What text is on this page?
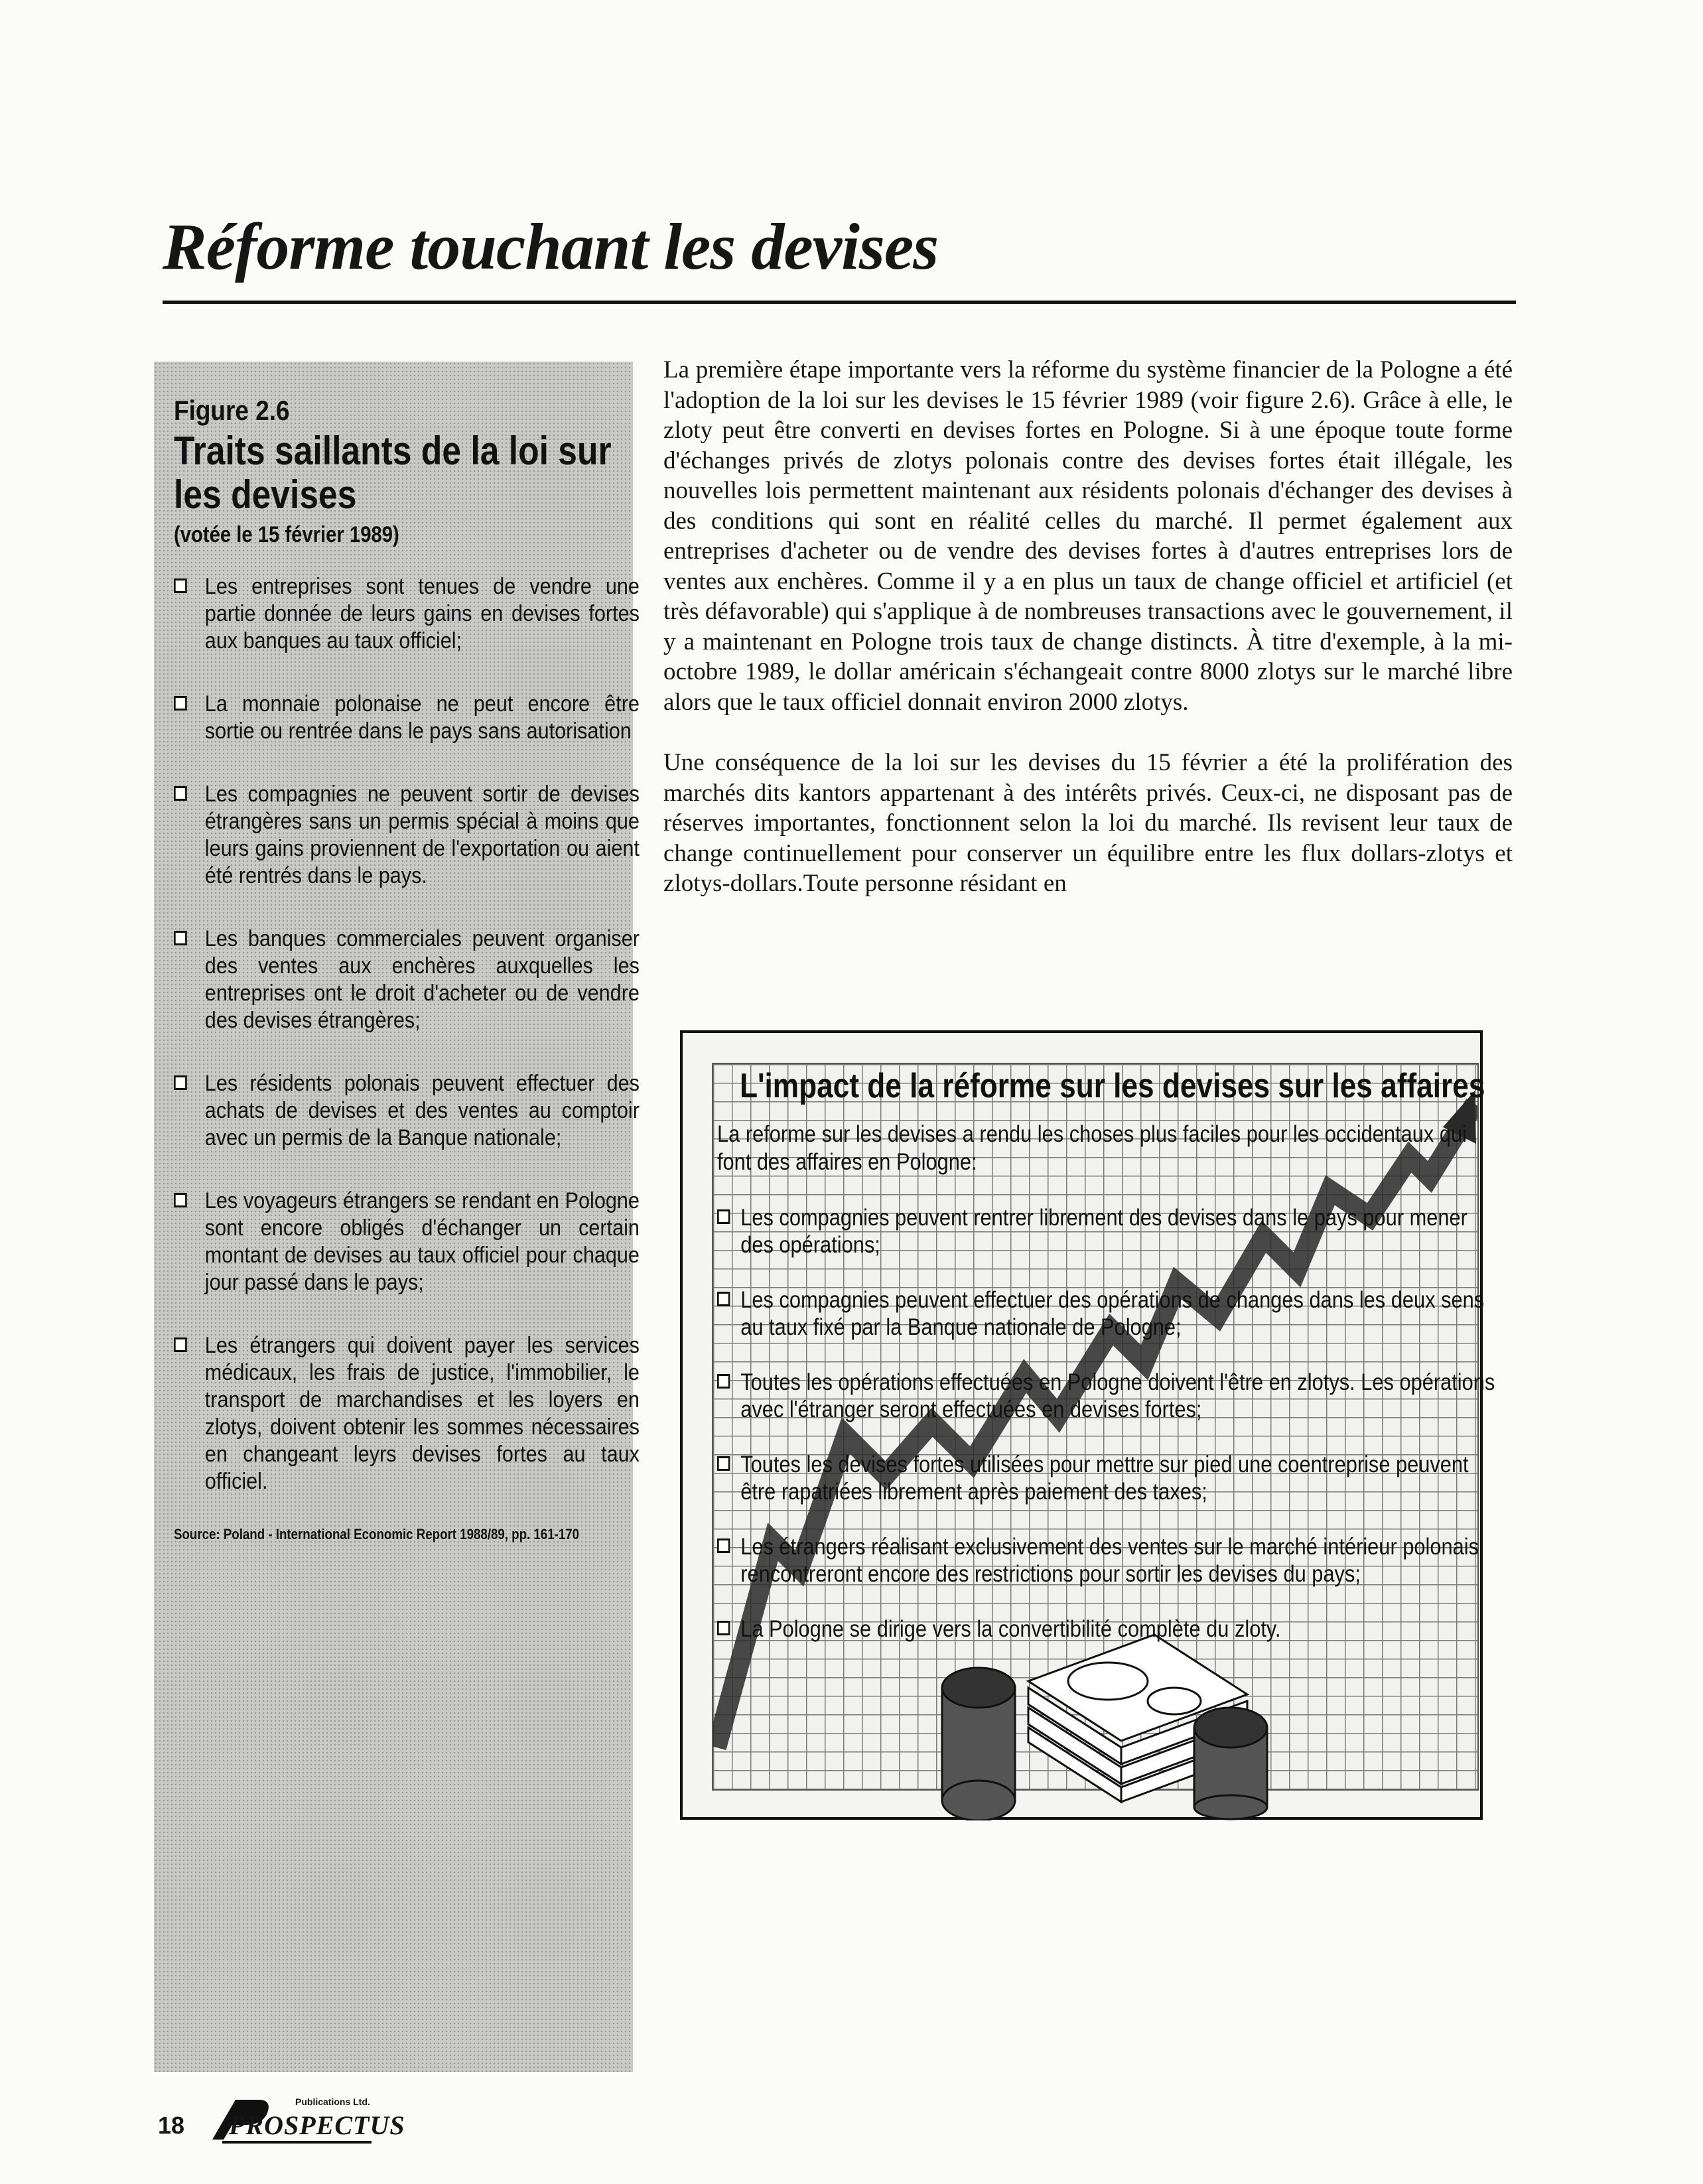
Réforme touchant les devises
Figure 2.6
Traits saillants de la loi sur les devises
(votée le 15 février 1989)
Les entreprises sont tenues de vendre une partie donnée de leurs gains en devises fortes aux banques au taux officiel;
La monnaie polonaise ne peut encore être sortie ou rentrée dans le pays sans autorisation
Les compagnies ne peuvent sortir de devises étrangères sans un permis spécial à moins que leurs gains proviennent de l'exportation ou aient été rentrés dans le pays.
Les banques commerciales peuvent organiser des ventes aux enchères auxquelles les entreprises ont le droit d'acheter ou de vendre des devises étrangères;
Les résidents polonais peuvent effectuer des achats de devises et des ventes au comptoir avec un permis de la Banque nationale;
Les voyageurs étrangers se rendant en Pologne sont encore obligés d'échanger un certain montant de devises au taux officiel pour chaque jour passé dans le pays;
Les étrangers qui doivent payer les services médicaux, les frais de justice, l'immobilier, le transport de marchandises et les loyers en zlotys, doivent obtenir les sommes nécessaires en changeant leyrs devises fortes au taux officiel.
Source: Poland - International Economic Report 1988/89, pp. 161-170

La première étape importante vers la réforme du système financier de la Pologne a été l'adoption de la loi sur les devises le 15 février 1989 (voir figure 2.6). Grâce à elle, le zloty peut être converti en devises fortes en Pologne. Si à une époque toute forme d'échanges privés de zlotys polonais contre des devises fortes était illégale, les nouvelles lois permettent maintenant aux résidents polonais d'échanger des devises à des conditions qui sont en réalité celles du marché. Il permet également aux entreprises d'acheter ou de vendre des devises fortes à d'autres entreprises lors de ventes aux enchères. Comme il y a en plus un taux de change officiel et artificiel (et très défavorable) qui s'applique à de nombreuses transactions avec le gouvernement, il y a maintenant en Pologne trois taux de change distincts. À titre d'exemple, à la mi-octobre 1989, le dollar américain s'échangeait contre 8000 zlotys sur le marché libre alors que le taux officiel donnait environ 2000 zlotys.

Une conséquence de la loi sur les devises du 15 février a été la prolifération des marchés dits kantors appartenant à des intérêts privés. Ceux-ci, ne disposant pas de réserves importantes, fonctionnent selon la loi du marché. Ils revisent leur taux de change continuellement pour conserver un équilibre entre les flux dollars-zlotys et zlotys-dollars.Toute personne résidant en

L'impact de la réforme sur les devises sur les affaires

La reforme sur les devises a rendu les choses plus faciles pour les occidentaux qui font des affaires en Pologne:

Les compagnies peuvent rentrer librement des devises dans le pays pour mener des opérations;
Les compagnies peuvent effectuer des opérations de changes dans les deux sens au taux fixé par la Banque nationale de Pologne;
Toutes les opérations effectuées en Pologne doivent l'être en zlotys. Les opérations avec l'étranger seront effectuées en devises fortes;
Toutes les devises fortes utilisées pour mettre sur pied une coentreprise peuvent être rapatriées librement après paiement des taxes;
Les étrangers réalisant exclusivement des ventes sur le marché intérieur polonais rencontreront encore des restrictions pour sortir les devises du pays;
La Pologne se dirige vers la convertibilité complète du zloty.
18
Publications Ltd.
PROSPECTUS
